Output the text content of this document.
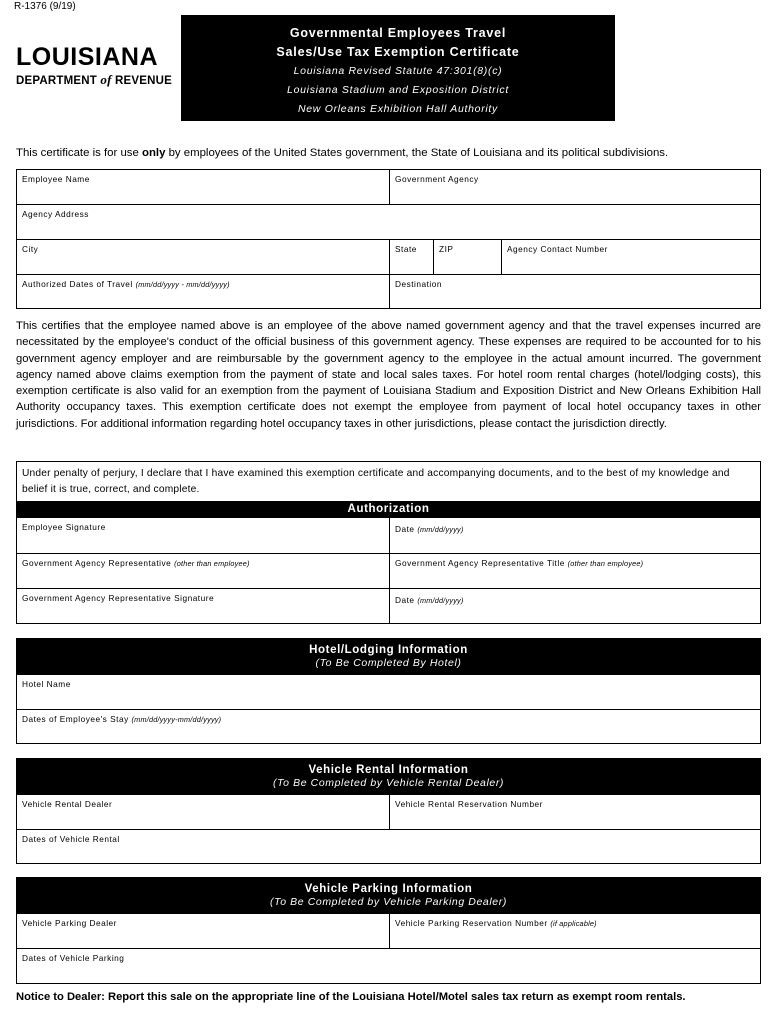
R-1376 (9/19)
LOUISIANA
DEPARTMENT of REVENUE
Governmental Employees Travel
Sales/Use Tax Exemption Certificate
Louisiana Revised Statute 47:301(8)(c)
Louisiana Stadium and Exposition District
New Orleans Exhibition Hall Authority
This certificate is for use only by employees of the United States government, the State of Louisiana and its political subdivisions.
Employee Name	Government Agency
Agency Address
City	State	ZIP	Agency Contact Number
Authorized Dates of Travel (mm/dd/yyyy - mm/dd/yyyy)	Destination
This certifies that the employee named above is an employee of the above named government agency and that the travel expenses incurred are necessitated by the employee's conduct of the official business of this government agency. These expenses are required to be accounted for to his government agency employer and are reimbursable by the government agency to the employee in the actual amount incurred. The government agency named above claims exemption from the payment of state and local sales taxes. For hotel room rental charges (hotel/lodging costs), this exemption certificate is also valid for an exemption from the payment of Louisiana Stadium and Exposition District and New Orleans Exhibition Hall Authority occupancy taxes. This exemption certificate does not exempt the employee from payment of local hotel occupancy taxes in other jurisdictions. For additional information regarding hotel occupancy taxes in other jurisdictions, please contact the jurisdiction directly.
Under penalty of perjury, I declare that I have examined this exemption certificate and accompanying documents, and to the best of my knowledge and belief it is true, correct, and complete.
Authorization
Employee Signature	Date (mm/dd/yyyy)
Government Agency Representative (other than employee)	Government Agency Representative Title (other than employee)
Government Agency Representative Signature	Date (mm/dd/yyyy)
Hotel/Lodging Information
(To Be Completed By Hotel)
Hotel Name
Dates of Employee's Stay (mm/dd/yyyy-mm/dd/yyyy)
Vehicle Rental Information
(To Be Completed by Vehicle Rental Dealer)
Vehicle Rental Dealer	Vehicle Rental Reservation Number
Dates of Vehicle Rental
Vehicle Parking Information
(To Be Completed by Vehicle Parking Dealer)
Vehicle Parking Dealer	Vehicle Parking Reservation Number (if applicable)
Dates of Vehicle Parking
Notice to Dealer: Report this sale on the appropriate line of the Louisiana Hotel/Motel sales tax return as exempt room rentals.
